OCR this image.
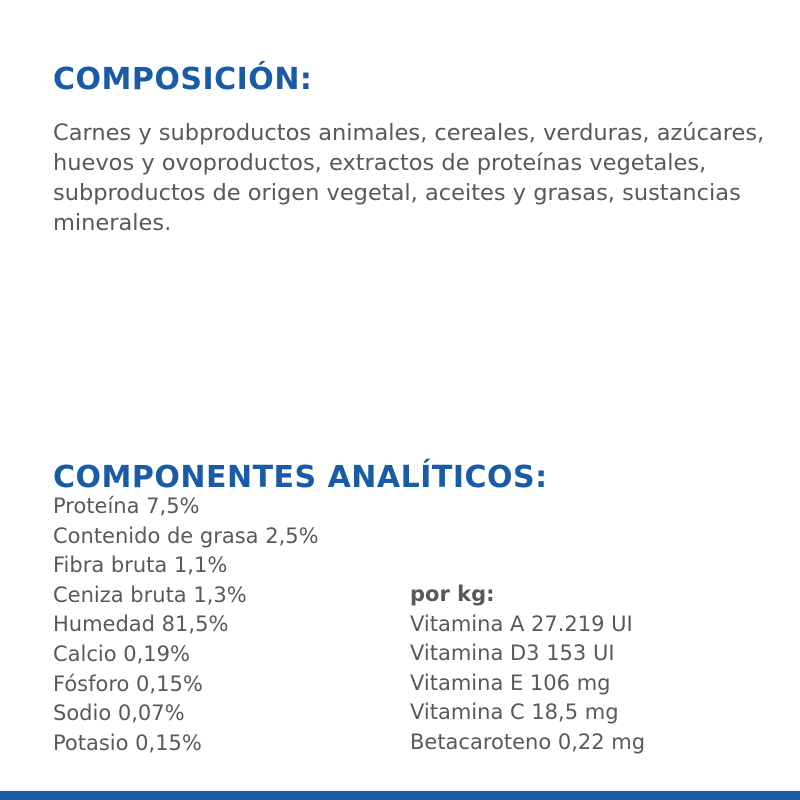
COMPOSICIÓN:

Carnes y subproductos animales, cereales, verduras, azúcares, huevos y ovoproductos, extractos de proteínas vegetales, subproductos de origen vegetal, aceites y grasas, sustancias minerales.

COMPONENTES ANALÍTICOS:
Proteína 7,5%
Contenido de grasa 2,5%
Fibra bruta 1,1%
Ceniza bruta 1,3%
Humedad 81,5%
Calcio 0,19%
Fósforo 0,15%
Sodio 0,07%
Potasio 0,15%
por kg:
Vitamina A 27.219 UI
Vitamina D3 153 UI
Vitamina E 106 mg
Vitamina C 18,5 mg
Betacaroteno 0,22 mg
